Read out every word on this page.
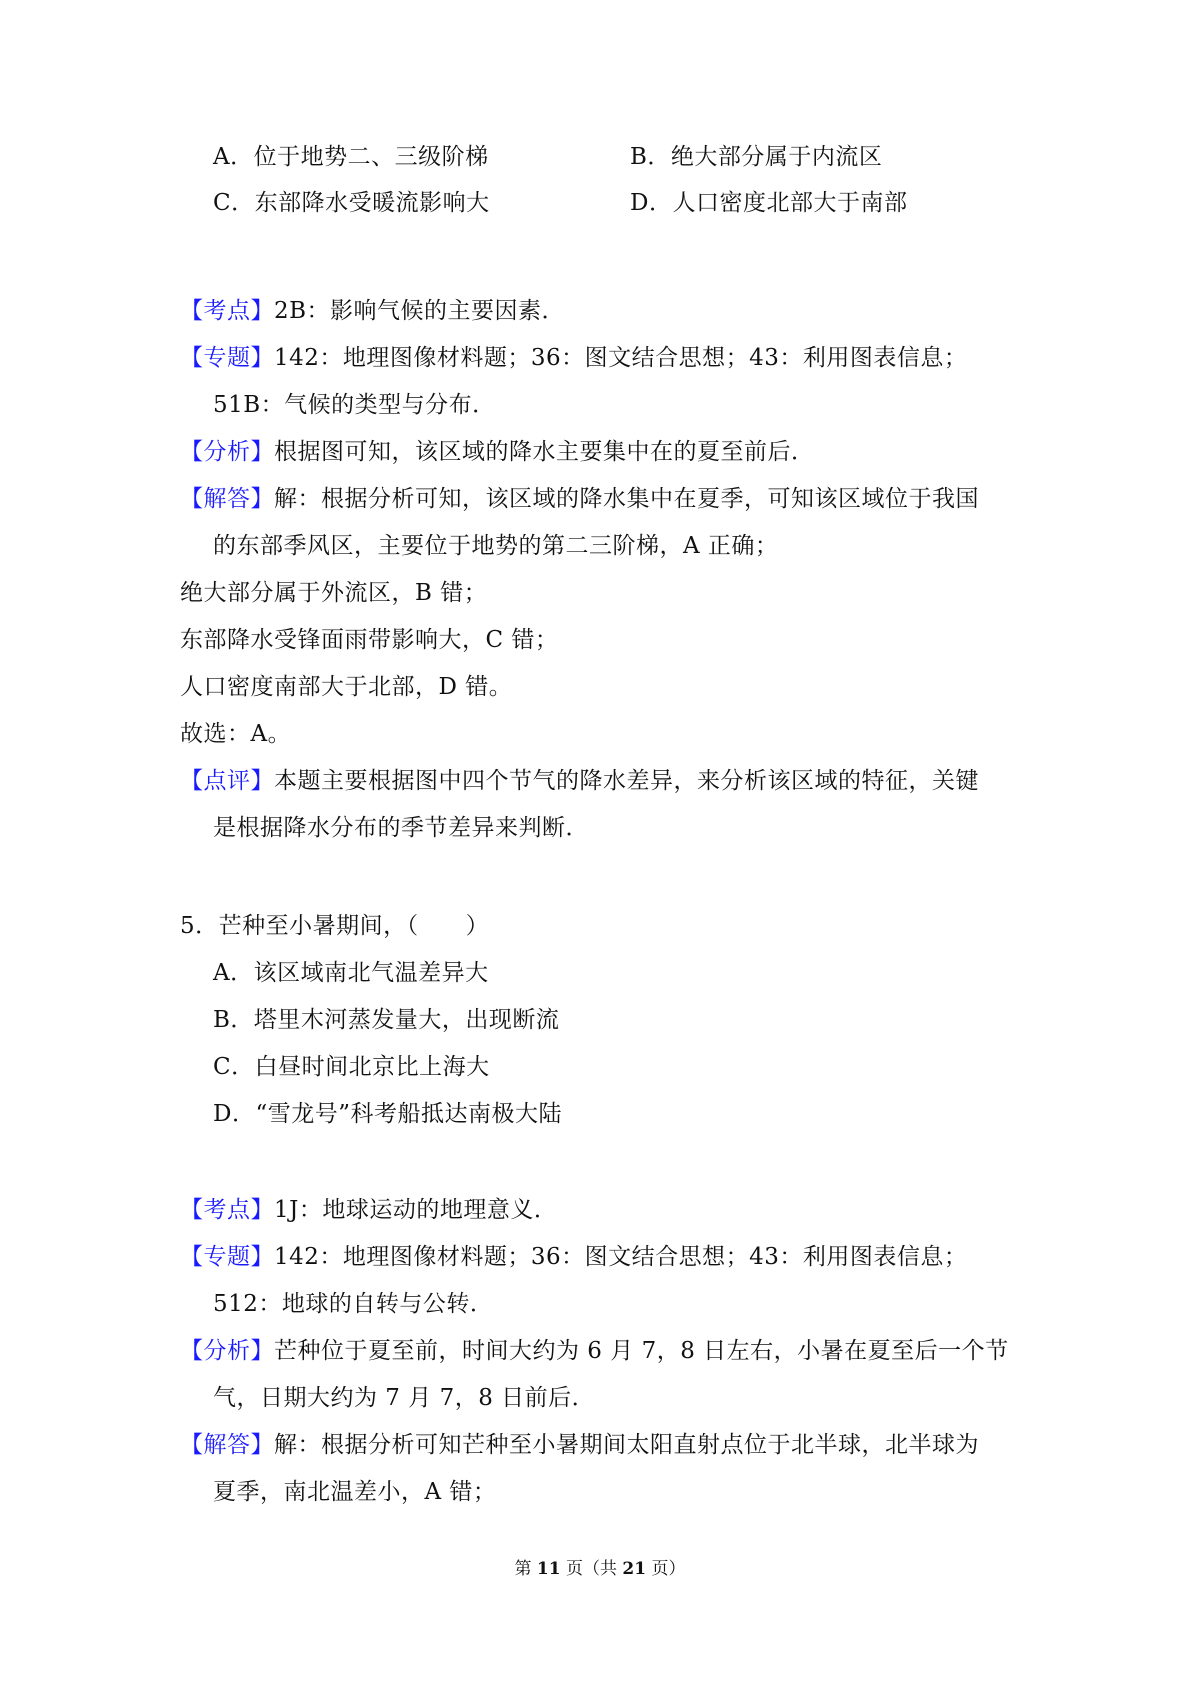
A．位于地势二、三级阶梯	B．绝大部分属于内流区
C．东部降水受暖流影响大	D．人口密度北部大于南部
【考点】2B：影响气候的主要因素．
【专题】142：地理图像材料题；36：图文结合思想；43：利用图表信息；
51B：气候的类型与分布．
【分析】根据图可知，该区域的降水主要集中在的夏至前后．
【解答】解：根据分析可知，该区域的降水集中在夏季，可知该区域位于我国
的东部季风区，主要位于地势的第二三阶梯，A 正确；
绝大部分属于外流区，B 错；
东部降水受锋面雨带影响大，C 错；
人口密度南部大于北部，D 错。
故选：A。
【点评】本题主要根据图中四个节气的降水差异，来分析该区域的特征，关键
是根据降水分布的季节差异来判断．
5．芒种至小暑期间，（　　）
A．该区域南北气温差异大
B．塔里木河蒸发量大，出现断流
C．白昼时间北京比上海大
D．“雪龙号”科考船抵达南极大陆
【考点】1J：地球运动的地理意义．
【专题】142：地理图像材料题；36：图文结合思想；43：利用图表信息；
512：地球的自转与公转．
【分析】芒种位于夏至前，时间大约为 6 月 7，8 日左右，小暑在夏至后一个节
气，日期大约为 7 月 7，8 日前后．
【解答】解：根据分析可知芒种至小暑期间太阳直射点位于北半球，北半球为
夏季，南北温差小，A 错；
第 11 页（共 21 页）
